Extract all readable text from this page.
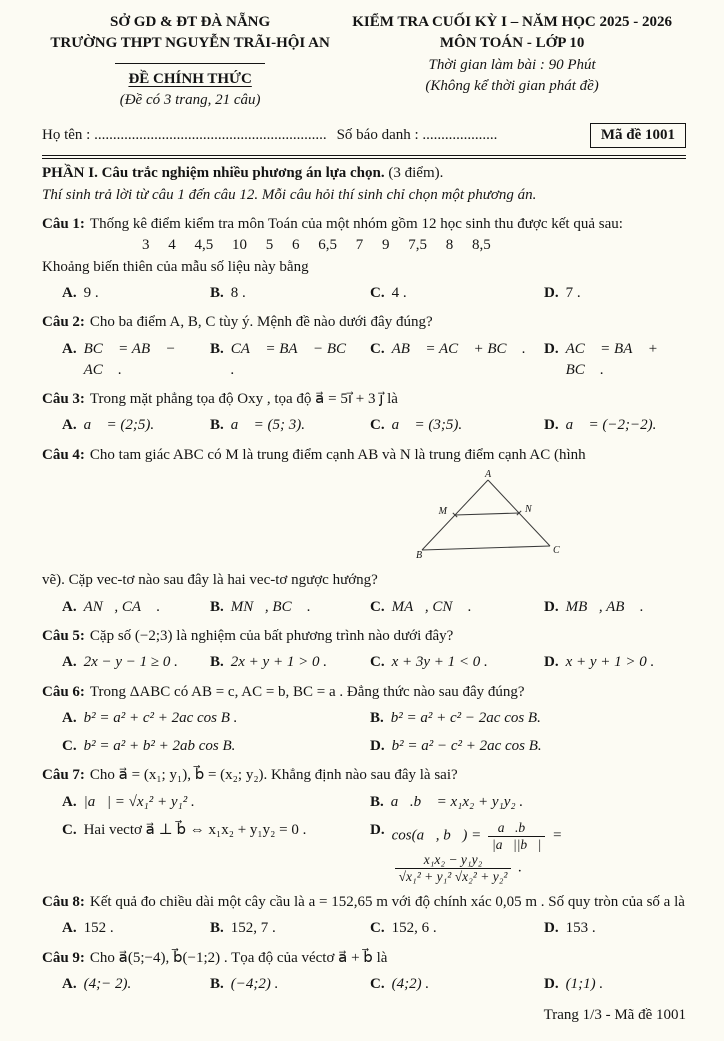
SỞ GD & ĐT ĐÀ NẴNG
TRƯỜNG THPT NGUYỄN TRÃI-HỘI AN
ĐỀ CHÍNH THỨC
(Đề có 3 trang, 21 câu)
KIỂM TRA CUỐI KỲ I – NĂM HỌC 2025 - 2026
MÔN TOÁN - LỚP 10
Thời gian làm bài : 90 Phút
(Không kể thời gian phát đề)
Họ tên : .............................................................. Số báo danh : ....................	Mã đề 1001
PHẦN I. Câu trắc nghiệm nhiều phương án lựa chọn. (3 điểm).
Thí sinh trả lời từ câu 1 đến câu 12. Mỗi câu hỏi thí sinh chỉ chọn một phương án.
Câu 1: Thống kê điểm kiểm tra môn Toán của một nhóm gồm 12 học sinh thu được kết quả sau:
3     4     4,5     10     5     6     6,5     7     9     7,5     8     8,5
Khoảng biến thiên của mẫu số liệu này bằng
A. 9 .	B. 8 .	C. 4 .	D. 7 .
Câu 2: Cho ba điểm A, B, C tùy ý. Mệnh đề nào dưới đây đúng?
A. BC⃗ = AB⃗ − AC⃗ .
B. CA⃗ = BA⃗ − BC⃗ .
C. AB⃗ = AC⃗ + BC⃗ . D. AC⃗ = BA⃗ + BC⃗ .
Câu 3: Trong mặt phẳng tọa độ Oxy , tọa độ a⃗ = 5i⃗ + 3 j⃗ là
A. a⃗ = (2;5).	B. a⃗ = (5; 3).	C. a⃗ = (3;5).	D. a⃗ = (−2;−2).
Câu 4: Cho tam giác ABC có M là trung điểm cạnh AB và N là trung điểm cạnh AC (hình
A
M	N
B	C
vẽ). Cặp vec-tơ nào sau đây là hai vec-tơ ngược hướng?
A. AN⃗, CA⃗ .	B. MN⃗, BC⃗ .	C. MA⃗, CN⃗ .	D. MB⃗, AB⃗ .
Câu 5: Cặp số (−2;3) là nghiệm của bất phương trình nào dưới đây?
A. 2x − y − 1 ≥ 0 . B. 2x + y + 1 > 0 .	C. x + 3y + 1 < 0 .	D. x + y + 1 > 0 .
Câu 6: Trong ΔABC có AB = c, AC = b, BC = a . Đẳng thức nào sau đây đúng?
A. b² = a² + c² + 2ac cos B .	B. b² = a² + c² − 2ac cos B.
C. b² = a² + b² + 2ab cos B.	D. b² = a² − c² + 2ac cos B.
Câu 7: Cho a⃗ = (x₁; y₁), b⃗ = (x₂; y₂). Khẳng định nào sau đây là sai?
A. |a⃗| = √x₁² + y₁² .	B. a⃗.b⃗ = x₁x₂ + y₁y₂ .
C. Hai vectơ a⃗ ⊥ b⃗ ⇔ x₁x₂ + y₁y₂ = 0 .	D. cos(a⃗, b⃗) = $\frac{a⃗.b⃗}{|a⃗||b⃗|}$ =
$\frac{\text{x₁x₂ − y₁y₂}}{\text{√x₁² + y₁² √x₂² + y₂²}}$ .
Câu 8: Kết quả đo chiều dài một cây cầu là a = 152,65 m với độ chính xác 0,05 m . Số quy tròn của số a là
A. 152 .	B. 152, 7 .	C. 152, 6 .	D. 153 .
Câu 9: Cho a⃗(5;−4), b⃗(−1;2) . Tọa độ của véctơ a⃗ + b⃗ là
A. (4;− 2).	B. (−4;2) .	C. (4;2) .	D. (1;1) .
Trang 1/3 - Mã đề 1001
